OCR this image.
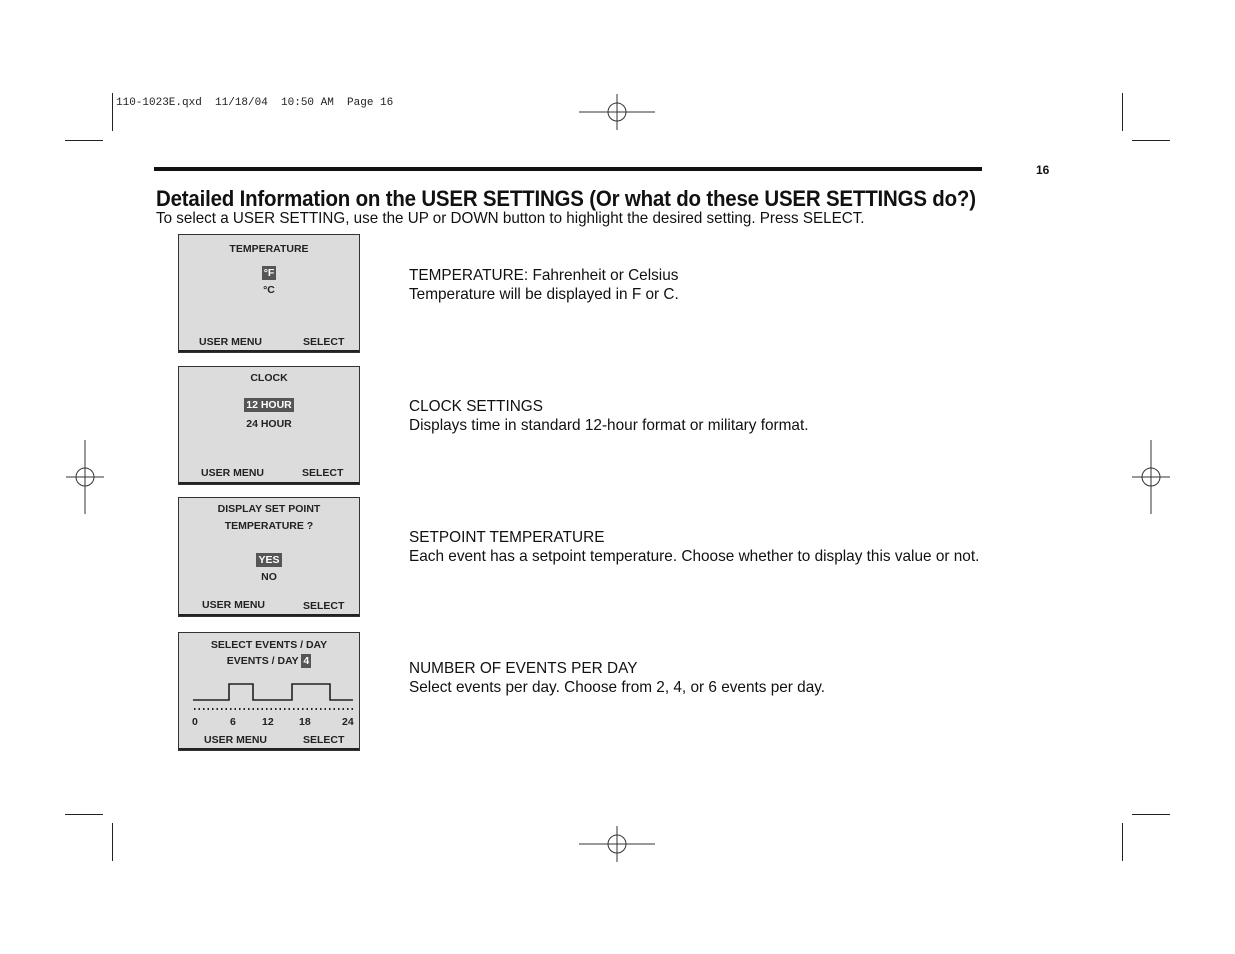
110-1023E.qxd  11/18/04  10:50 AM  Page 16
16
Detailed Information on the USER SETTINGS (Or what do these USER SETTINGS do?)
To select a USER SETTING, use the UP or DOWN button to highlight the desired setting. Press SELECT.
TEMPERATURE
°F
°C
USER MENU	SELECT
CLOCK
12 HOUR
24 HOUR
USER MENU	SELECT
DISPLAY SET POINT
TEMPERATURE ?
YES
NO
USER MENU	SELECT
SELECT EVENTS / DAY
EVENTS / DAY 4
0	6 12 18	24
USER MENU	SELECT
TEMPERATURE: Fahrenheit or Celsius
Temperature will be displayed in F or C.
CLOCK SETTINGS
Displays time in standard 12-hour format or military format.
SETPOINT TEMPERATURE
Each event has a setpoint temperature. Choose whether to display this value or not.
NUMBER OF EVENTS PER DAY
Select events per day. Choose from 2, 4, or 6 events per day.
